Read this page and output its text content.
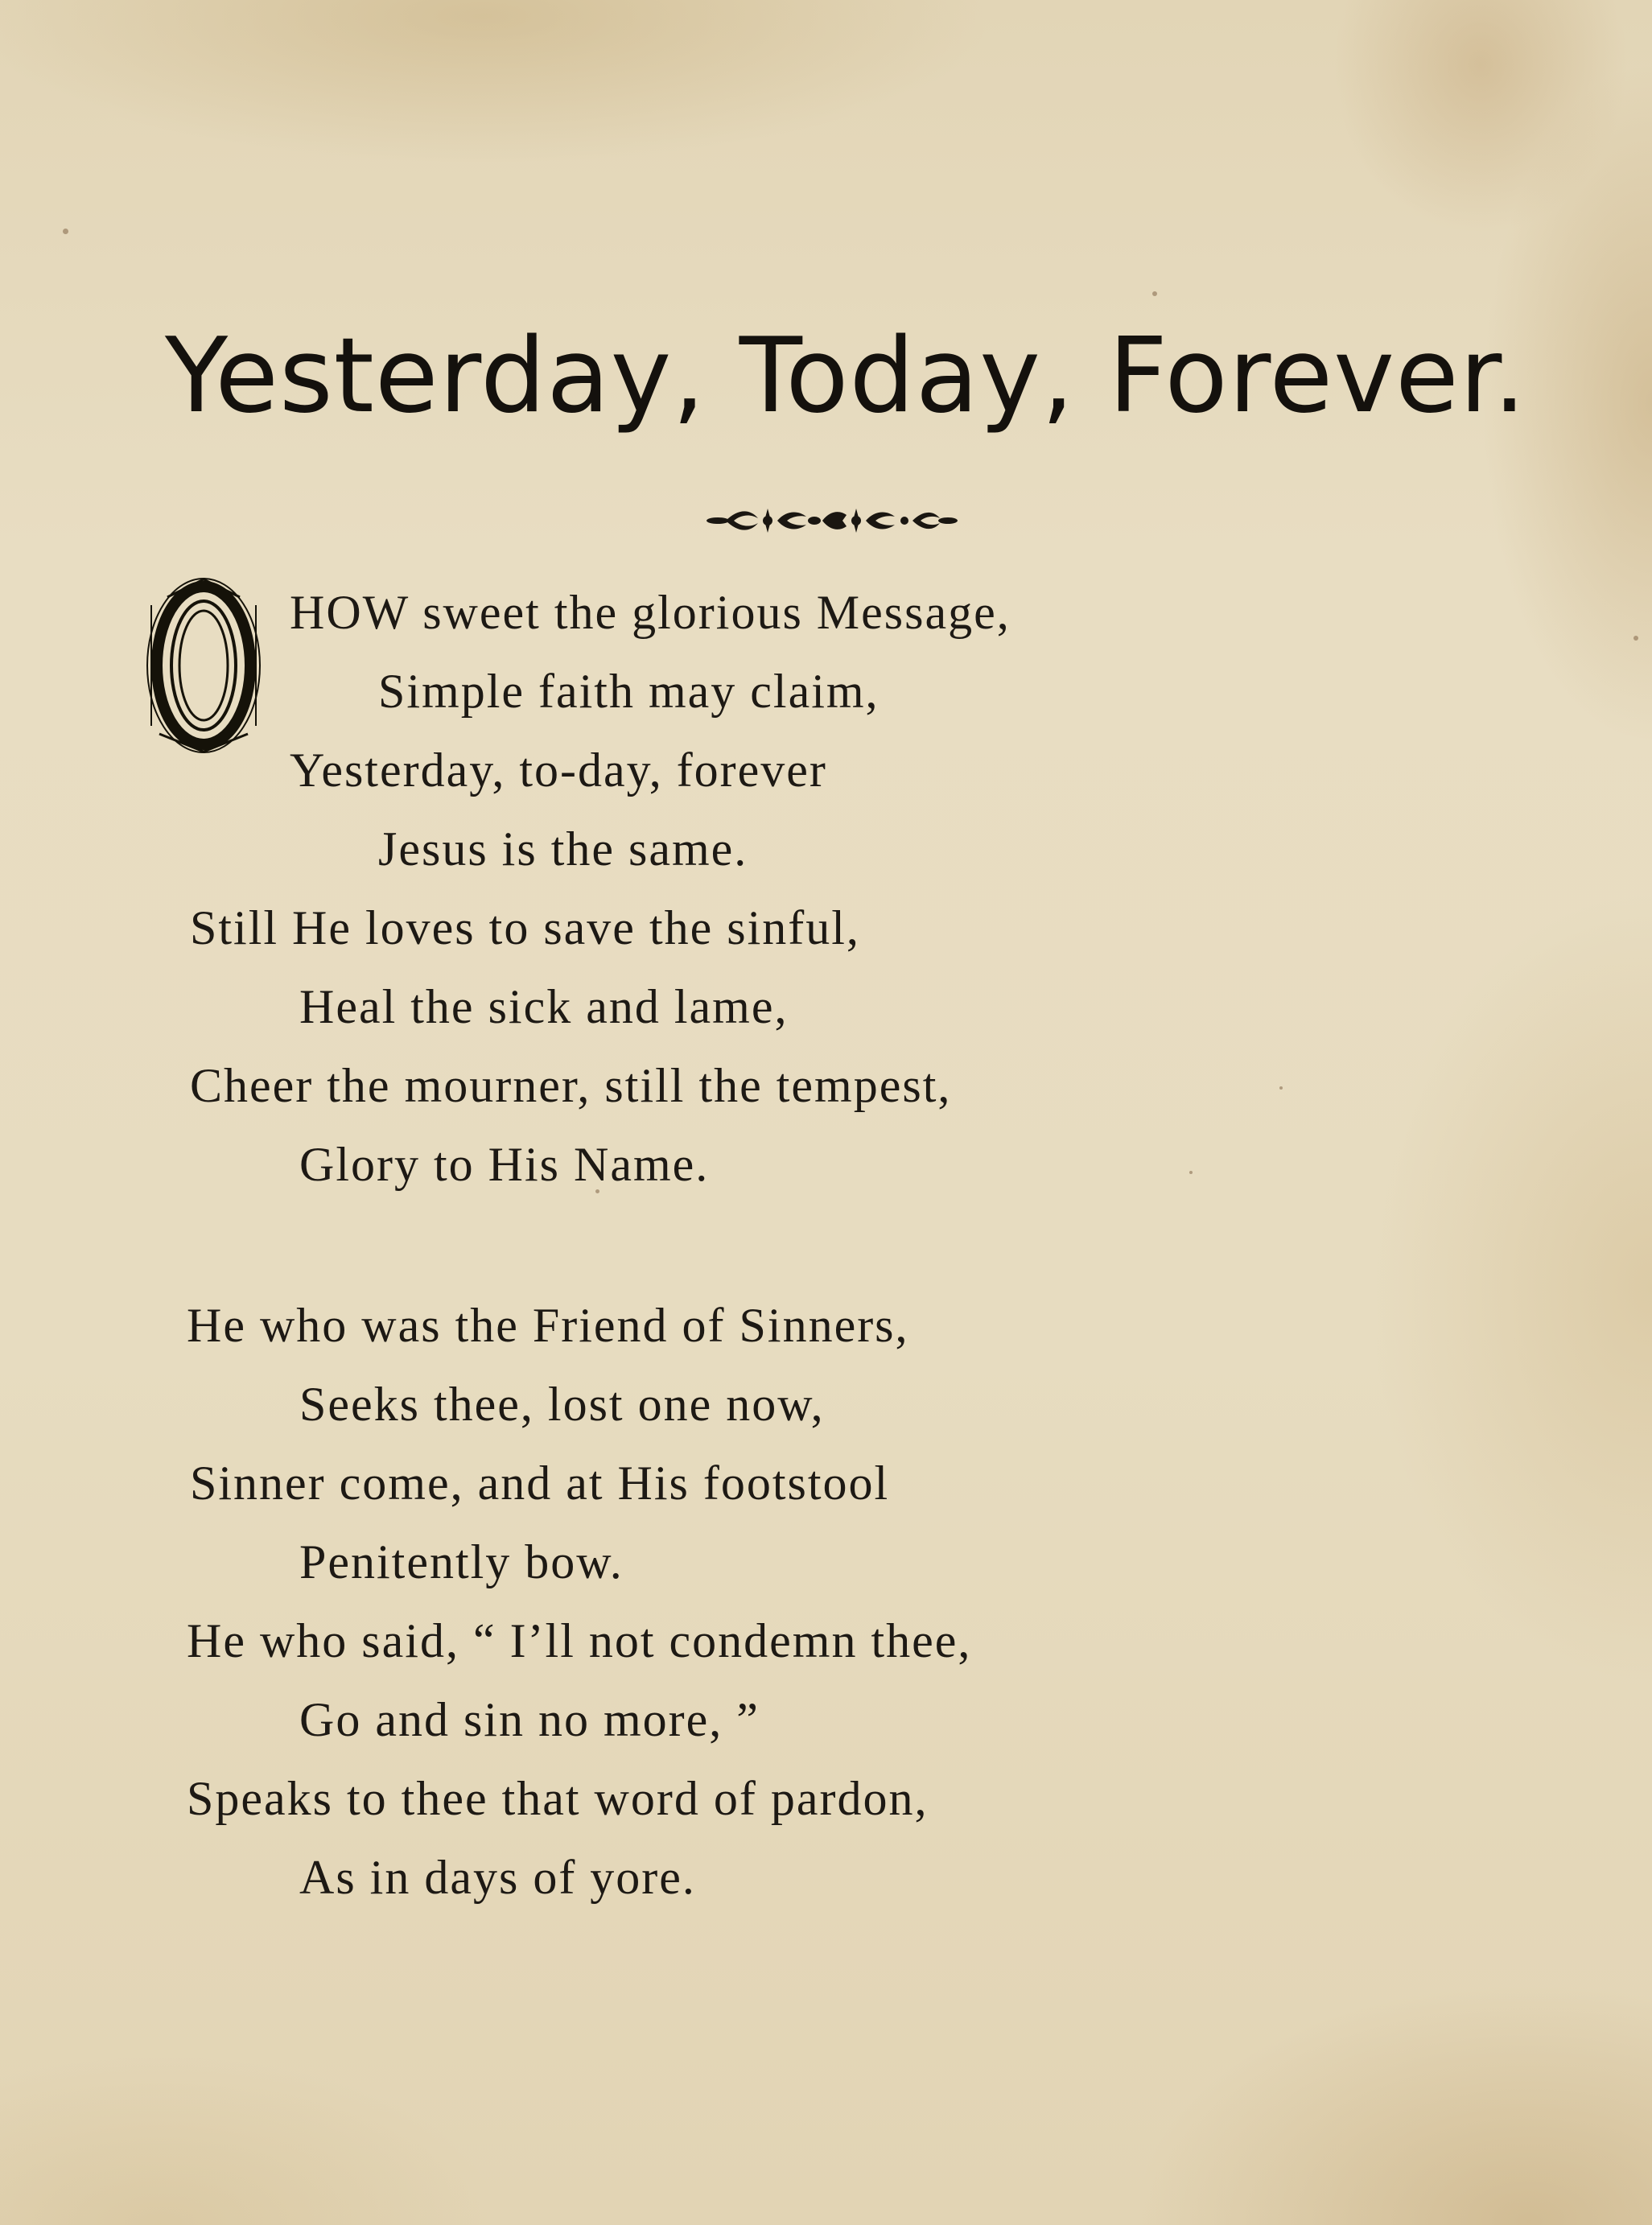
Yesterday, Today, Forever.
HOW sweet the glorious Message,
Simple faith may claim,
Yesterday, to-day, forever
Jesus is the same.
Still He loves to save the sinful,
Heal the sick and lame,
Cheer the mourner, still the tempest,
Glory to His Name.
He who was the Friend of Sinners,
Seeks thee, lost one now,
Sinner come, and at His footstool
Penitently bow.
He who said, “ I’ll not condemn thee,
Go and sin no more, ”
Speaks to thee that word of pardon,
As in days of yore.
